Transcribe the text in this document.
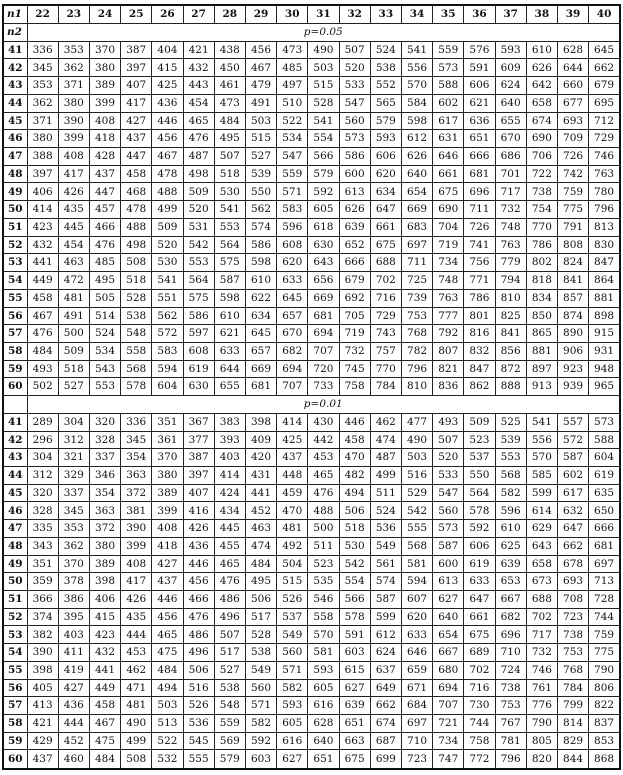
n1	22	23	24	25	26	27	28	29	30	31	32	33	34	35	36	37	38	39	40
n2	p=0.05																		
41	336	353	370	387	404	421	438	456	473	490	507	524	541	559	576	593	610	628	645
42	345	362	380	397	415	432	450	467	485	503	520	538	556	573	591	609	626	644	662
43	353	371	389	407	425	443	461	479	497	515	533	552	570	588	606	624	642	660	679
44	362	380	399	417	436	454	473	491	510	528	547	565	584	602	621	640	658	677	695
45	371	390	408	427	446	465	484	503	522	541	560	579	598	617	636	655	674	693	712
46	380	399	418	437	456	476	495	515	534	554	573	593	612	631	651	670	690	709	729
47	388	408	428	447	467	487	507	527	547	566	586	606	626	646	666	686	706	726	746
48	397	417	437	458	478	498	518	539	559	579	600	620	640	661	681	701	722	742	763
49	406	426	447	468	488	509	530	550	571	592	613	634	654	675	696	717	738	759	780
50	414	435	457	478	499	520	541	562	583	605	626	647	669	690	711	732	754	775	796
51	423	445	466	488	509	531	553	574	596	618	639	661	683	704	726	748	770	791	813
52	432	454	476	498	520	542	564	586	608	630	652	675	697	719	741	763	786	808	830
53	441	463	485	508	530	553	575	598	620	643	666	688	711	734	756	779	802	824	847
54	449	472	495	518	541	564	587	610	633	656	679	702	725	748	771	794	818	841	864
55	458	481	505	528	551	575	598	622	645	669	692	716	739	763	786	810	834	857	881
56	467	491	514	538	562	586	610	634	657	681	705	729	753	777	801	825	850	874	898
57	476	500	524	548	572	597	621	645	670	694	719	743	768	792	816	841	865	890	915
58	484	509	534	558	583	608	633	657	682	707	732	757	782	807	832	856	881	906	931
59	493	518	543	568	594	619	644	669	694	720	745	770	796	821	847	872	897	923	948
60	502	527	553	578	604	630	655	681	707	733	758	784	810	836	862	888	913	939	965
	p=0.01																		
41	289	304	320	336	351	367	383	398	414	430	446	462	477	493	509	525	541	557	573
42	296	312	328	345	361	377	393	409	425	442	458	474	490	507	523	539	556	572	588
43	304	321	337	354	370	387	403	420	437	453	470	487	503	520	537	553	570	587	604
44	312	329	346	363	380	397	414	431	448	465	482	499	516	533	550	568	585	602	619
45	320	337	354	372	389	407	424	441	459	476	494	511	529	547	564	582	599	617	635
46	328	345	363	381	399	416	434	452	470	488	506	524	542	560	578	596	614	632	650
47	335	353	372	390	408	426	445	463	481	500	518	536	555	573	592	610	629	647	666
48	343	362	380	399	418	436	455	474	492	511	530	549	568	587	606	625	643	662	681
49	351	370	389	408	427	446	465	484	504	523	542	561	581	600	619	639	658	678	697
50	359	378	398	417	437	456	476	495	515	535	554	574	594	613	633	653	673	693	713
51	366	386	406	426	446	466	486	506	526	546	566	587	607	627	647	667	688	708	728
52	374	395	415	435	456	476	496	517	537	558	578	599	620	640	661	682	702	723	744
53	382	403	423	444	465	486	507	528	549	570	591	612	633	654	675	696	717	738	759
54	390	411	432	453	475	496	517	538	560	581	603	624	646	667	689	710	732	753	775
55	398	419	441	462	484	506	527	549	571	593	615	637	659	680	702	724	746	768	790
56	405	427	449	471	494	516	538	560	582	605	627	649	671	694	716	738	761	784	806
57	413	436	458	481	503	526	548	571	593	616	639	662	684	707	730	753	776	799	822
58	421	444	467	490	513	536	559	582	605	628	651	674	697	721	744	767	790	814	837
59	429	452	475	499	522	545	569	592	616	640	663	687	710	734	758	781	805	829	853
60	437	460	484	508	532	555	579	603	627	651	675	699	723	747	772	796	820	844	868
